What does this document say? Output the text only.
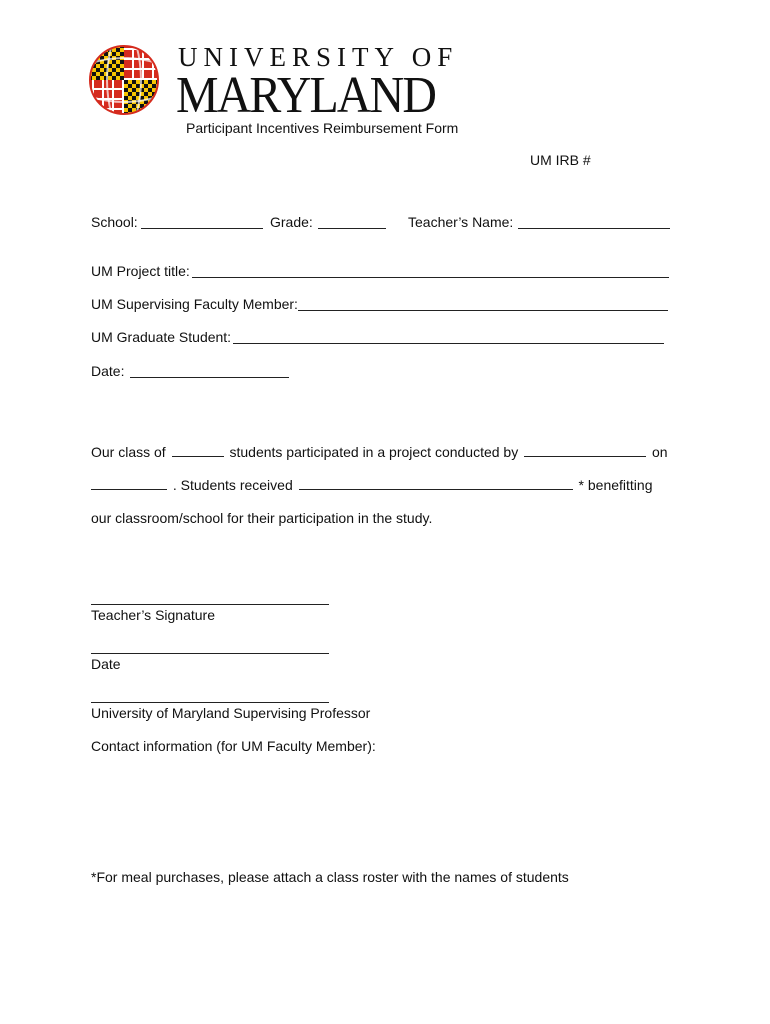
UNIVERSITY OF
MARYLAND
Participant Incentives Reimbursement Form
UM IRB #
School:	Grade:	Teacher’s Name:
UM Project title:
UM Supervising Faculty Member:
UM Graduate Student:
Date:
Our class of	students participated in a project conducted by	on
. Students received	* benefitting
our classroom/school for their participation in the study.
Teacher’s Signature
Date
University of Maryland Supervising Professor
Contact information (for UM Faculty Member):
*For meal purchases, please attach a class roster with the names of students
